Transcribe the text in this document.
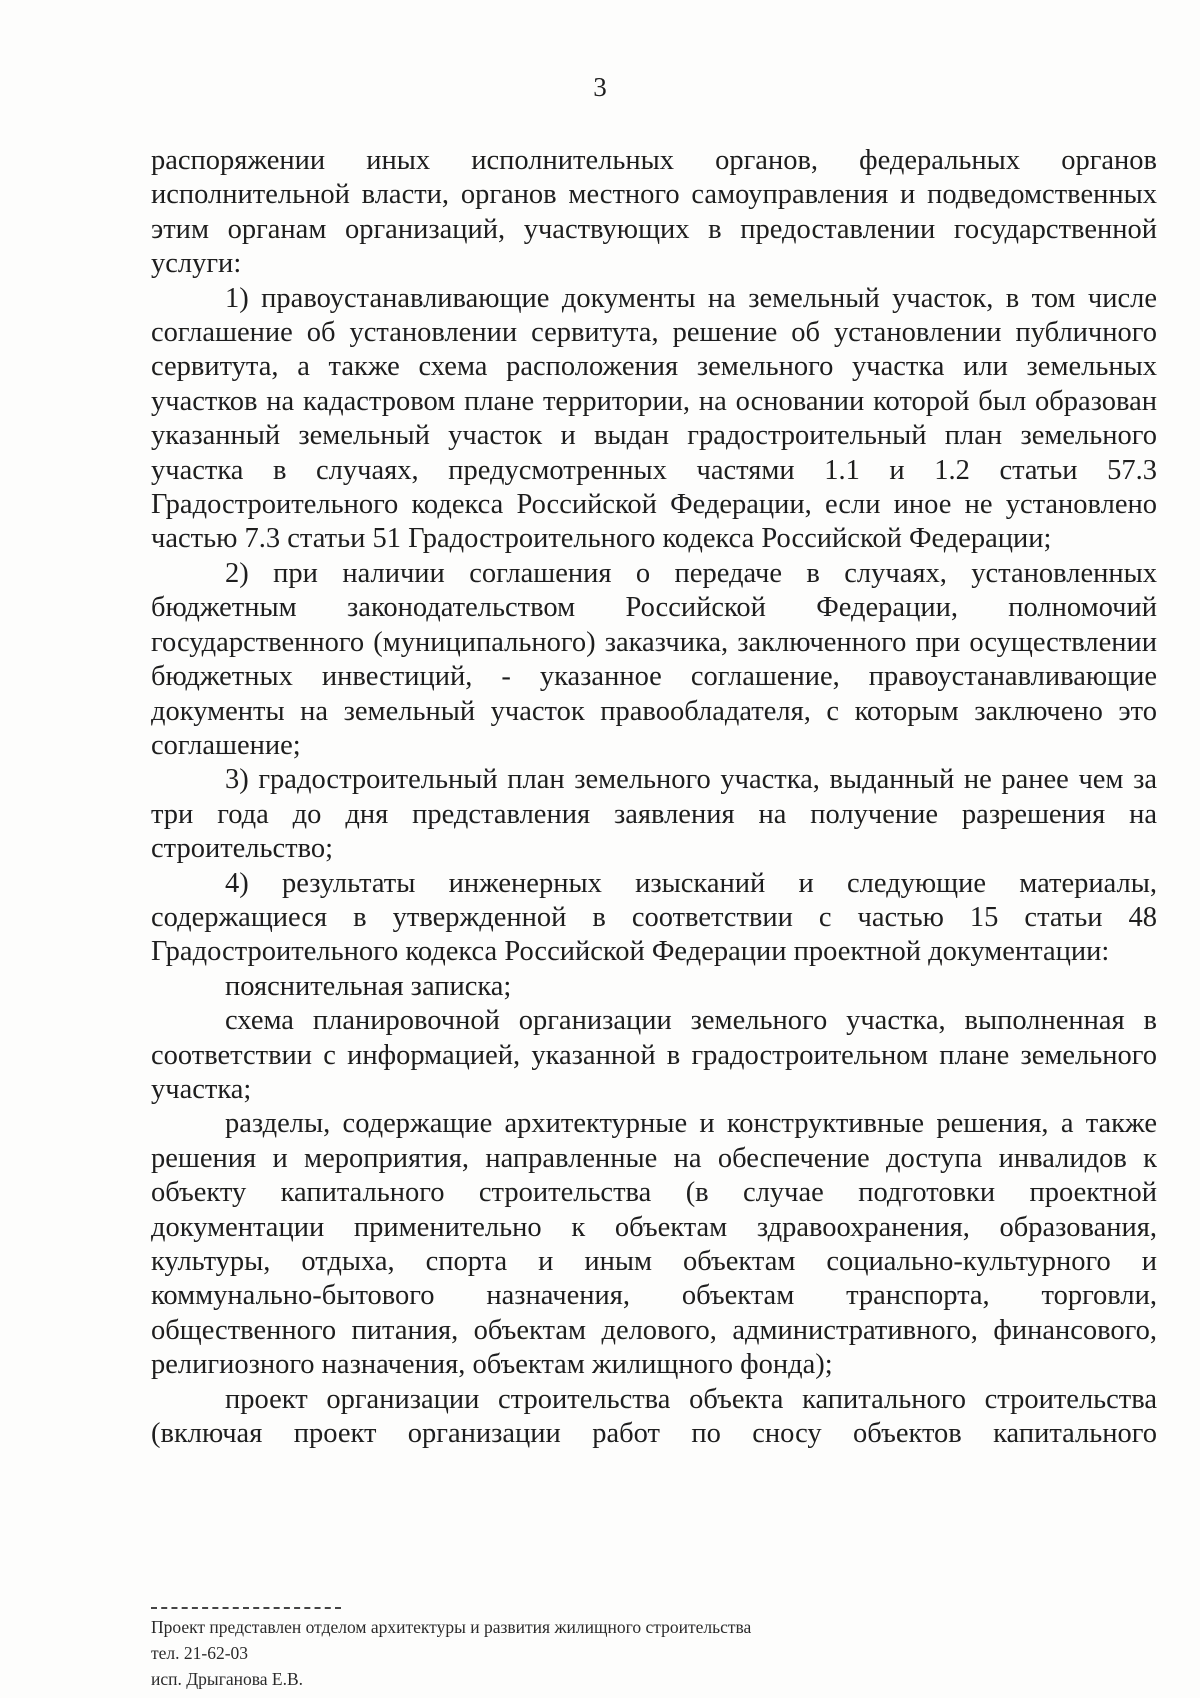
3

распоряжении иных исполнительных органов, федеральных органов исполнительной власти, органов местного самоуправления и подведомственных этим органам организаций, участвующих в предоставлении государственной услуги:

1) правоустанавливающие документы на земельный участок, в том числе соглашение об установлении сервитута, решение об установлении публичного сервитута, а также схема расположения земельного участка или земельных участков на кадастровом плане территории, на основании которой был образован указанный земельный участок и выдан градостроительный план земельного участка в случаях, предусмотренных частями 1.1 и 1.2 статьи 57.3 Градостроительного кодекса Российской Федерации, если иное не установлено частью 7.3 статьи 51 Градостроительного кодекса Российской Федерации;

2) при наличии соглашения о передаче в случаях, установленных бюджетным законодательством Российской Федерации, полномочий государственного (муниципального) заказчика, заключенного при осуществлении бюджетных инвестиций, - указанное соглашение, правоустанавливающие документы на земельный участок правообладателя, с которым заключено это соглашение;

3) градостроительный план земельного участка, выданный не ранее чем за три года до дня представления заявления на получение разрешения на строительство;

4) результаты инженерных изысканий и следующие материалы, содержащиеся в утвержденной в соответствии с частью 15 статьи 48 Градостроительного кодекса Российской Федерации проектной документации:

пояснительная записка;

схема планировочной организации земельного участка, выполненная в соответствии с информацией, указанной в градостроительном плане земельного участка;

разделы, содержащие архитектурные и конструктивные решения, а также решения и мероприятия, направленные на обеспечение доступа инвалидов к объекту капитального строительства (в случае подготовки проектной документации применительно к объектам здравоохранения, образования, культуры, отдыха, спорта и иным объектам социально-культурного и коммунально-бытового назначения, объектам транспорта, торговли, общественного питания, объектам делового, административного, финансового, религиозного назначения, объектам жилищного фонда);

проект организации строительства объекта капитального строительства (включая проект организации работ по сносу объектов капитального

Проект представлен отделом архитектуры и развития жилищного строительства
тел. 21-62-03
исп. Дрыганова Е.В.
